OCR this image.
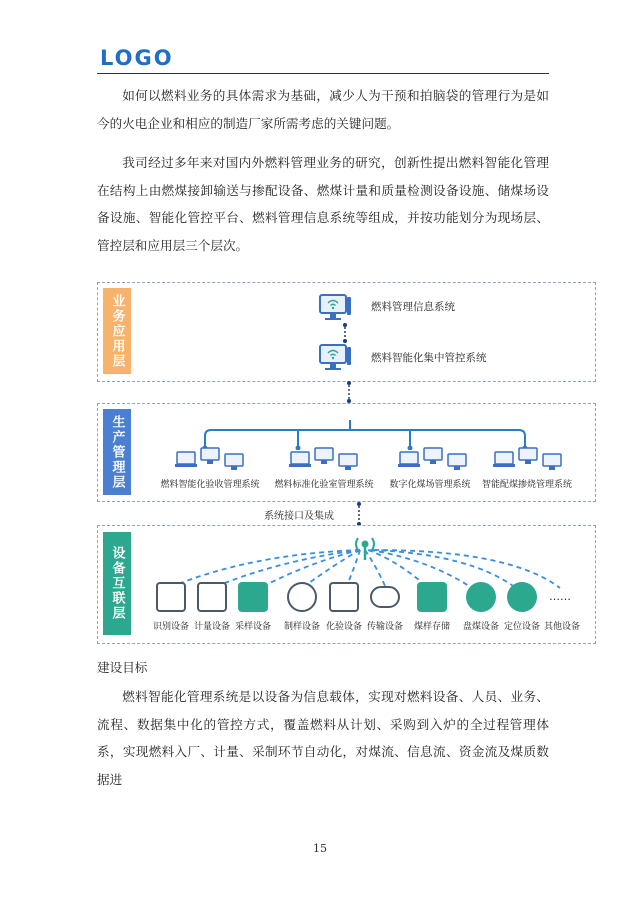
LOGO
如何以燃料业务的具体需求为基础，减少人为干预和拍脑袋的管理行为是如今的火电企业和相应的制造厂家所需考虑的关键问题。
我司经过多年来对国内外燃料管理业务的研究，创新性提出燃料智能化管理在结构上由燃煤接卸输送与掺配设备、燃煤计量和质量检测设备设施、储煤场设备设施、智能化管控平台、燃料管理信息系统等组成，并按功能划分为现场层、管控层和应用层三个层次。
业务应用层	燃料管理信息系统
燃料智能化集中管控系统
生产管理层	燃料智能化验收管理系统	燃料标准化验室管理系统	数字化煤场管理系统	智能配煤掺烧管理系统
系统接口及集成
设备互联层	……
识别设备 计量设备 采样设备	制样设备 化验设备 传输设备	煤样存储	盘煤设备 定位设备 其他设备
建设目标
燃料智能化管理系统是以设备为信息载体，实现对燃料设备、人员、业务、流程、数据集中化的管控方式，覆盖燃料从计划、采购到入炉的全过程管理体系，实现燃料入厂、计量、采制环节自动化，对煤流、信息流、资金流及煤质数据进
15
